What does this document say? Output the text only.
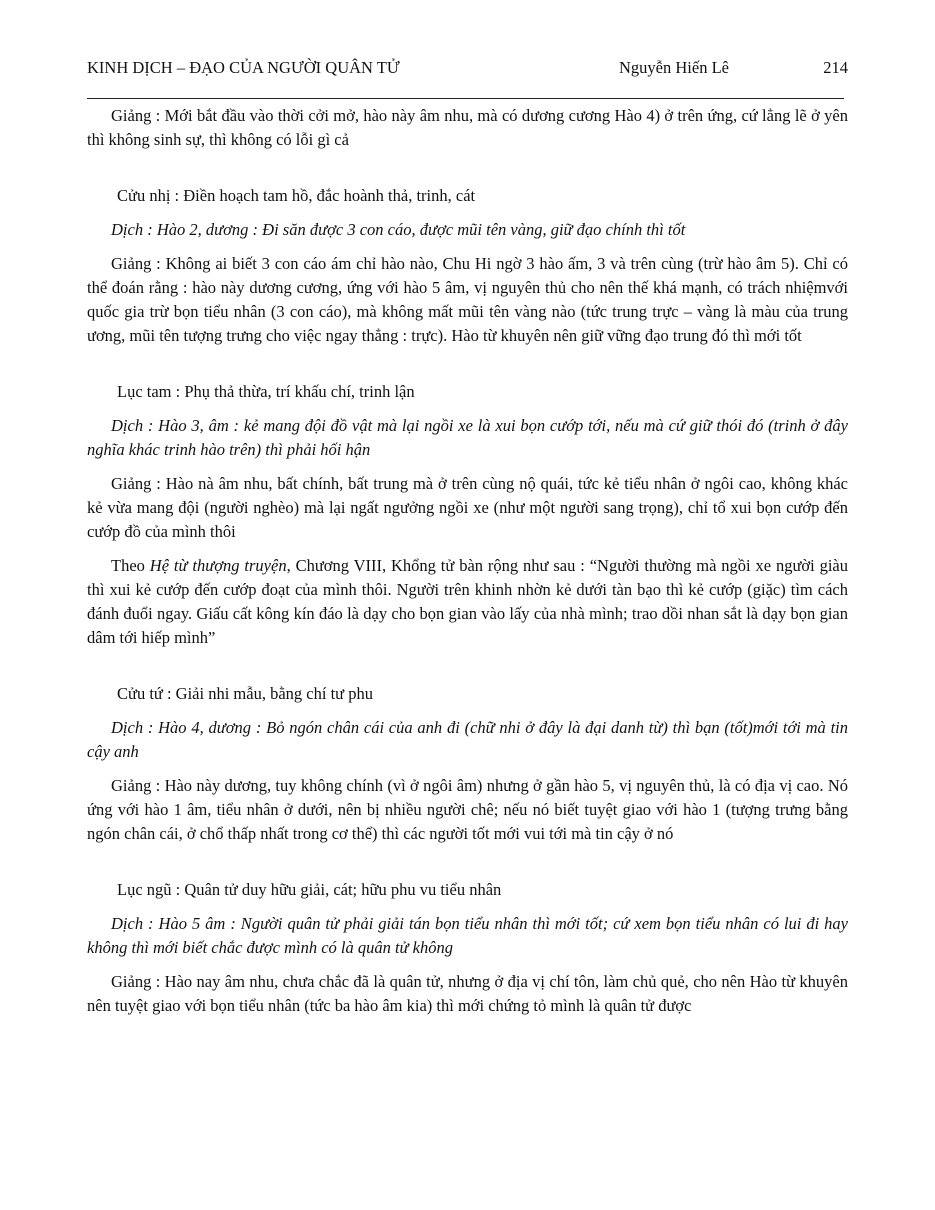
KINH DỊCH – ĐẠO CỦA NGƯỜI QUÂN TỬ	Nguyễn Hiến Lê	214

Giảng : Mới bắt đầu vào thời cởi mở, hào này âm nhu, mà có dương cương Hào 4) ở trên ứng, cứ lẳng lẽ ở yên thì không sinh sự, thì không có lỗi gì cả

Cửu nhị : Điền hoạch tam hồ, đắc hoành thả, trinh, cát

Dịch : Hào 2, dương : Đi săn được 3 con cáo, được mũi tên vàng, giữ đạo chính thì tốt

Giảng : Không ai biết 3 con cáo ám chỉ hào nào, Chu Hi ngờ 3 hào ấm, 3 và trên cùng (trừ hào âm 5). Chỉ có thể đoán rằng : hào này dương cương, ứng với hào 5 âm, vị nguyên thủ cho nên thế khá mạnh, có trách nhiệmvới quốc gia trừ bọn tiểu nhân (3 con cáo), mà không mất mũi tên vàng nào (tức trung trực – vàng là màu của trung ương, mũi tên tượng trưng cho việc ngay thẳng : trực). Hào từ khuyên nên giữ vững đạo trung đó thì mới tốt

Lục tam : Phụ thả thừa, trí khấu chí, trinh lận

Dịch : Hào 3, âm : kẻ mang đội đồ vật mà lại ngồi xe là xui bọn cướp tới, nếu mà cứ giữ thói đó (trinh ở đây nghĩa khác trinh hào trên) thì phải hối hận

Giảng : Hào nà âm nhu, bất chính, bất trung mà ở trên cùng nộ quái, tức kẻ tiểu nhân ở ngôi cao, không khác kẻ vừa mang đội (người nghèo) mà lại ngất ngưởng ngồi xe (như một người sang trọng), chỉ tổ xui bọn cướp đến cướp đồ của mình thôi

Theo Hệ từ thượng truyện, Chương VIII, Khổng tử bàn rộng như sau : “Người thường mà ngồi xe người giàu thì xui kẻ cướp đến cướp đoạt của mình thôi. Người trên khinh nhờn kẻ dưới tàn bạo thì kẻ cướp (giặc) tìm cách đánh đuổi ngay. Giấu cất kông kín đáo là dạy cho bọn gian vào lấy của nhà mình; trao dồi nhan sắt là dạy bọn gian dâm tới hiếp mình”

Cửu tứ : Giải nhi mẫu, bằng chí tư phu

Dịch : Hào 4, dương : Bỏ ngón chân cái của anh đi (chữ nhi ở đây là đại danh từ) thì bạn (tốt)mới tới mà tin cậy anh

Giảng : Hào này dương, tuy không chính (vì ở ngôi âm) nhưng ở gần hào 5, vị nguyên thủ, là có địa vị cao. Nó ứng với hào 1 âm, tiểu nhân ở dưới, nên bị nhiều người chê; nếu nó biết tuyệt giao với hào 1 (tượng trưng bằng ngón chân cái, ở chổ thấp nhất trong cơ thể) thì các người tốt mới vui tới mà tin cậy ở nó

Lục ngũ : Quân tử duy hữu giải, cát; hữu phu vu tiểu nhân

Dịch : Hào 5 âm : Người quân tử phải giải tán bọn tiểu nhân thì mới tốt; cứ xem bọn tiểu nhân có lui đi hay không thì mới biết chắc được mình có là quân tử không

Giảng : Hào nay âm nhu, chưa chắc đã là quân tử, nhưng ở địa vị chí tôn, làm chủ quẻ, cho nên Hào từ khuyên nên tuyệt giao với bọn tiểu nhân (tức ba hào âm kia) thì mới chứng tỏ mình là quân tử được
